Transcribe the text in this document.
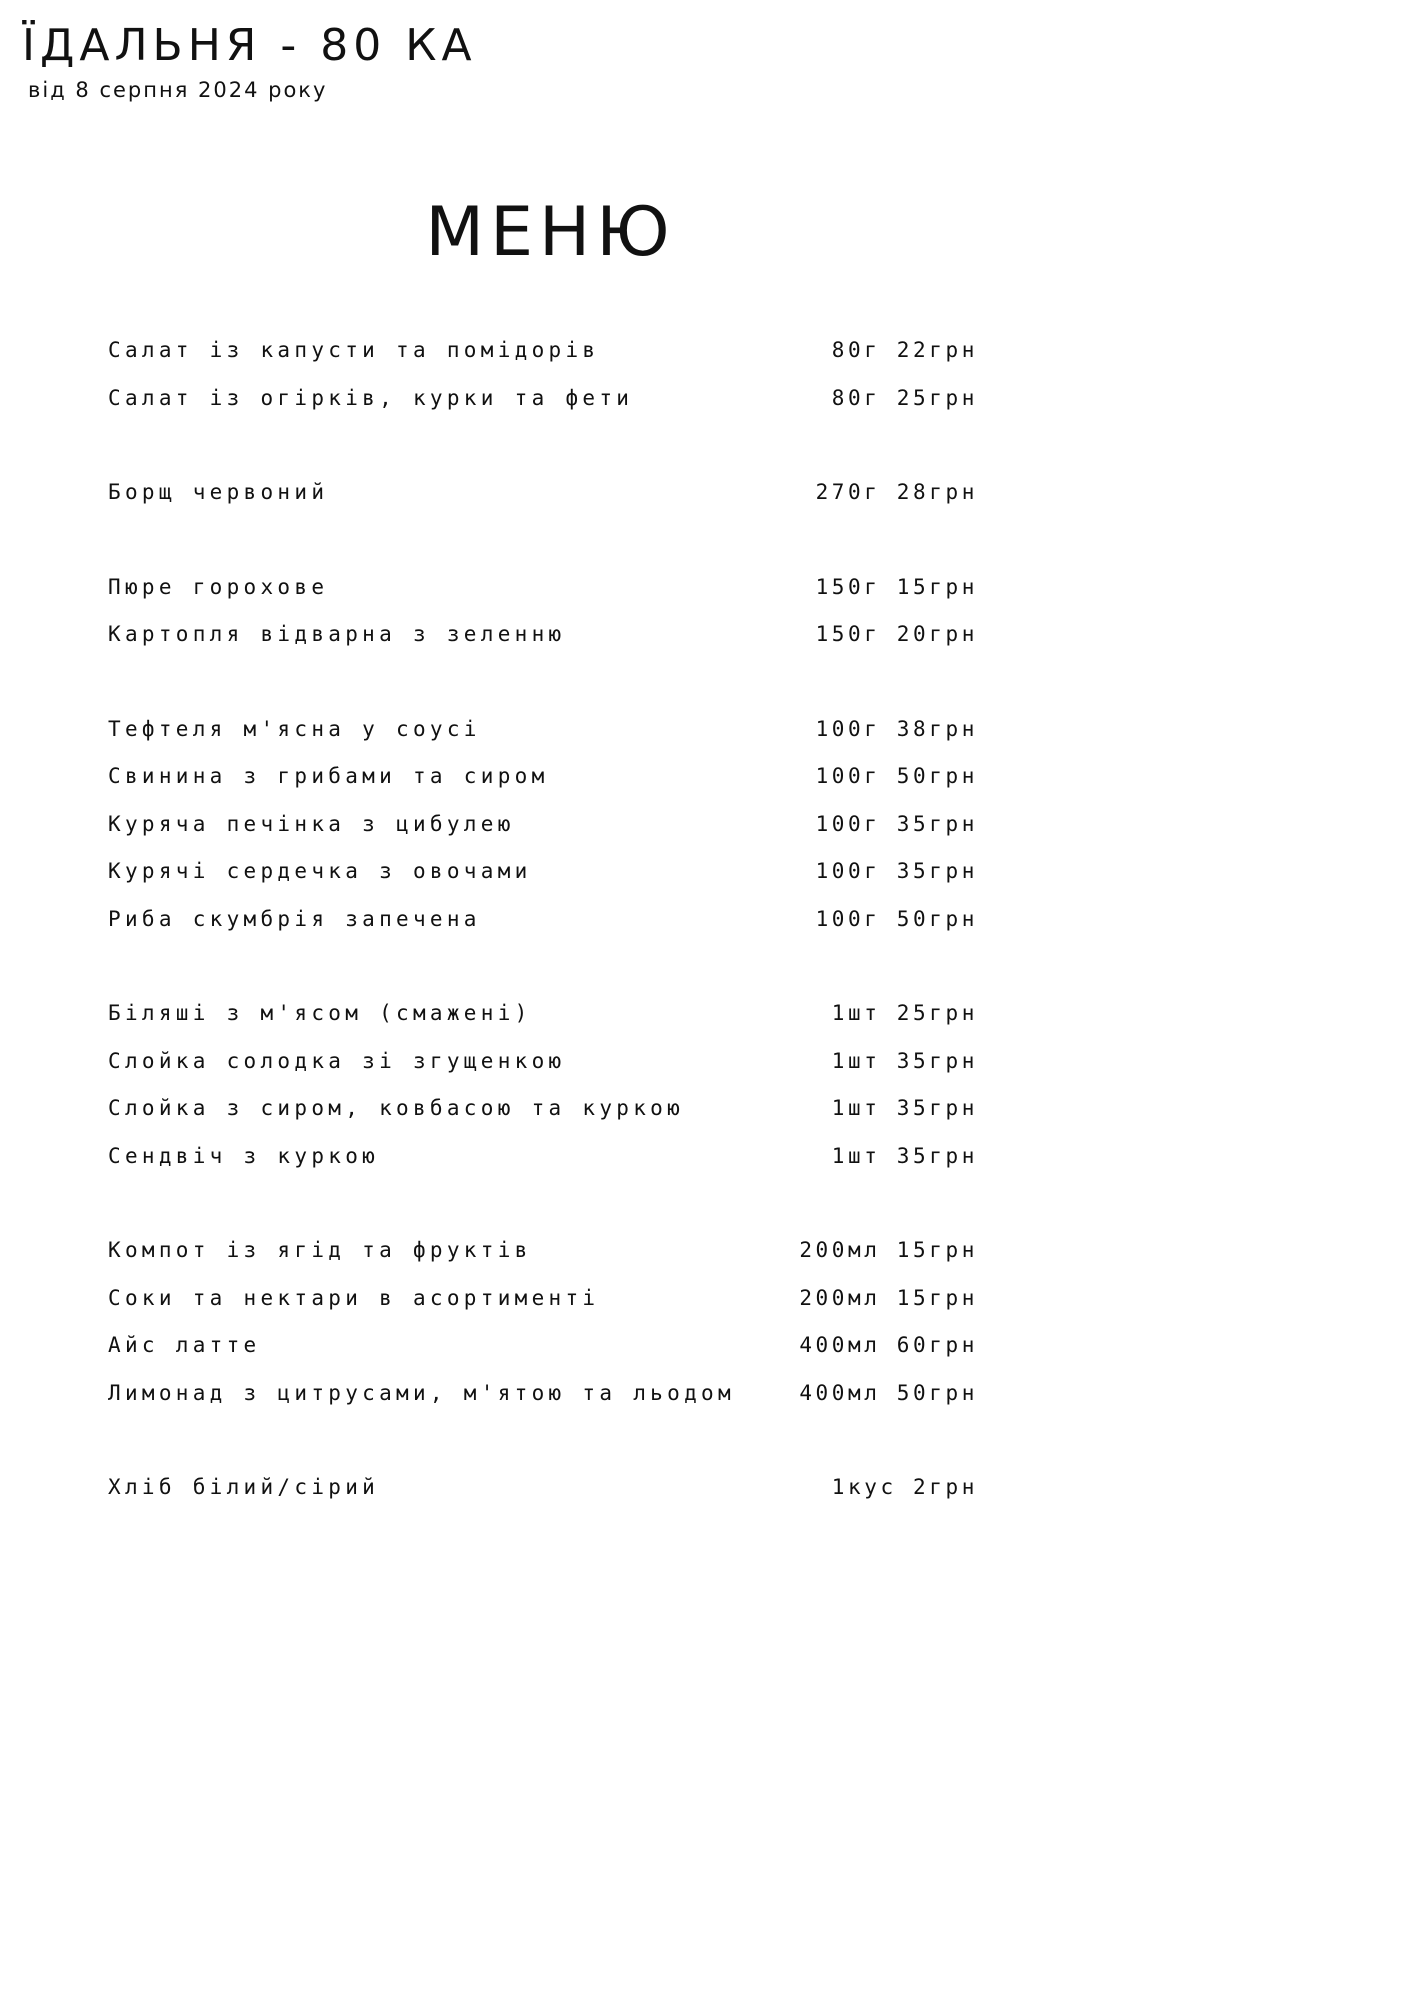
ЇДАЛЬНЯ - 80 КА
від 8 серпня 2024 року
МЕНЮ
Салат із капусти та помідорів	80г 22грн
Салат із огірків, курки та фети	80г 25грн
Борщ червоний	270г 28грн
Пюре горохове	150г 15грн
Картопля відварна з зеленню	150г 20грн
Тефтеля м'ясна у соусі	100г 38грн
Свинина з грибами та сиром	100г 50грн
Куряча печінка з цибулею	100г 35грн
Курячі сердечка з овочами	100г 35грн
Риба скумбрія запечена	100г 50грн
Біляші з м'ясом (смажені)	1шт 25грн
Слойка солодка зі згущенкою	1шт 35грн
Слойка з сиром, ковбасою та куркою	1шт 35грн
Сендвіч з куркою	1шт 35грн
Компот із ягід та фруктів	200мл 15грн
Соки та нектари в асортименті	200мл 15грн
Айс латте	400мл 60грн
Лимонад з цитрусами, м'ятою та льодом	400мл 50грн
Хліб білий/сірий	1кус 2грн
